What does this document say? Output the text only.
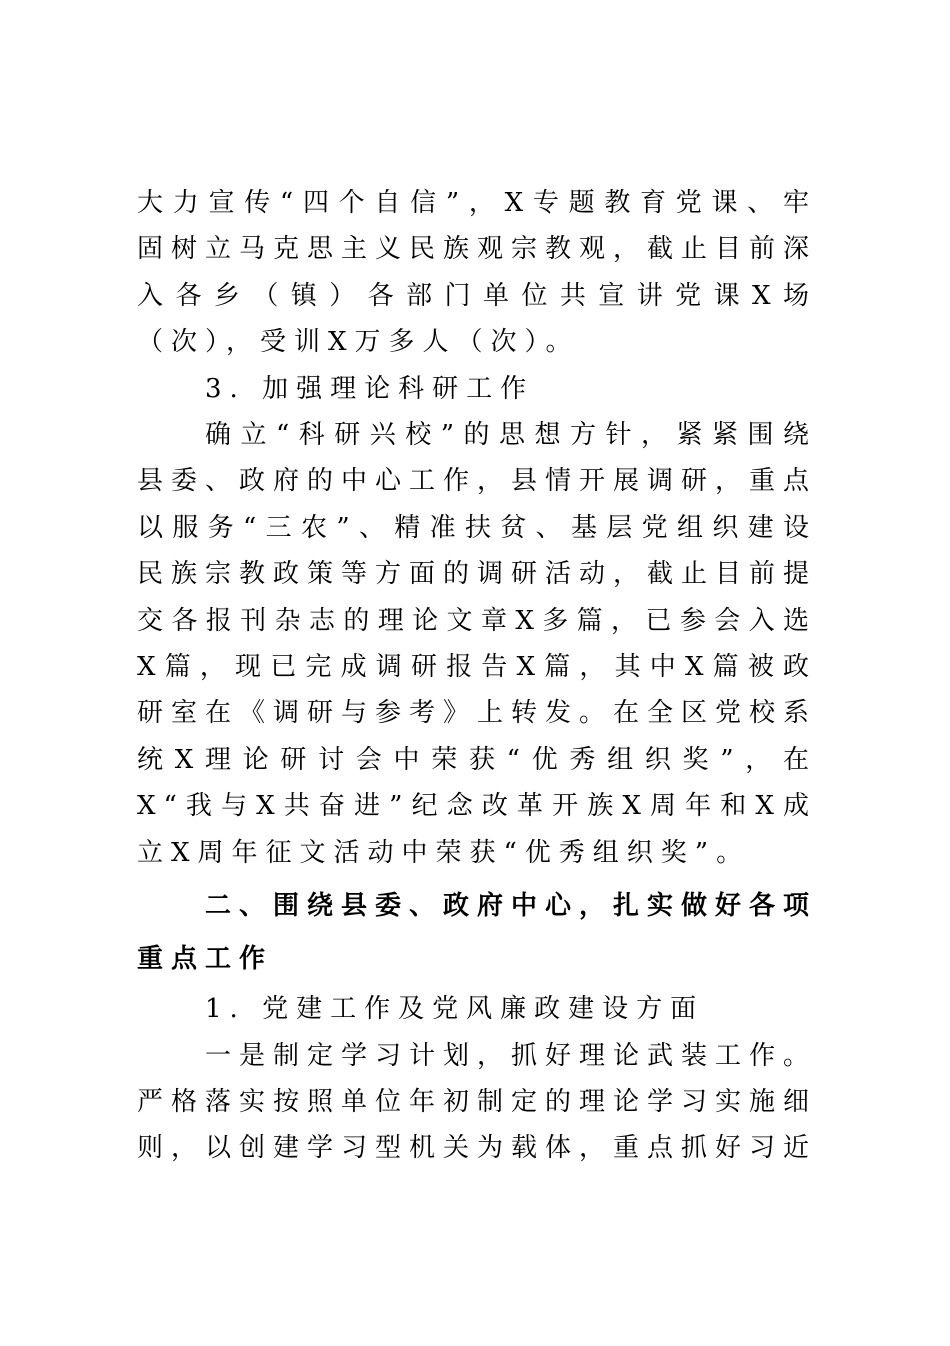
大力宣传“四个自信”，X专题教育党课、牢固树立马克思主义民族观宗教观，截止目前深入各乡（镇）各部门单位共宣讲党课X场（次），受训X万多人（次）。

3. 加强理论科研工作

确立“科研兴校”的思想方针，紧紧围绕县委、政府的中心工作，县情开展调研，重点以服务“三农”、精准扶贫、基层党组织建设民族宗教政策等方面的调研活动，截止目前提交各报刊杂志的理论文章X多篇，已参会入选X篇，现已完成调研报告X篇，其中X篇被政研室在《调研与参考》上转发。在全区党校系统X理论研讨会中荣获“优秀组织奖”，在X“我与X共奋进”纪念改革开族X周年和X成立X周年征文活动中荣获“优秀组织奖”。

二、围绕县委、政府中心，扎实做好各项重点工作

1. 党建工作及党风廉政建设方面

一是制定学习计划，抓好理论武装工作。严格落实按照单位年初制定的理论学习实施细则，以创建学习型机关为载体，重点抓好习近
